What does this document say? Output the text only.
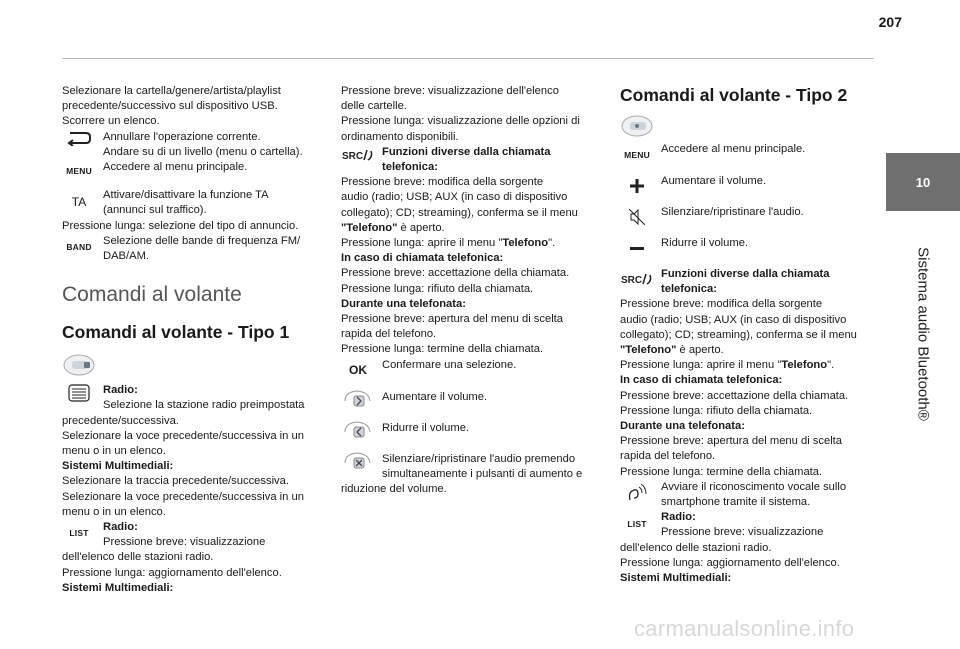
207
10
Sistema audio Bluetooth®

Selezionare la cartella/genere/artista/playlist

precedente/successivo sul dispositivo USB.

Scorrere un elenco.

Annullare l'operazione corrente.

Andare su di un livello (menu o cartella).

MENU Accedere al menu principale.

TA	Attivare/disattivare la funzione TA

(annunci sul traffico).

Pressione lunga: selezione del tipo di annuncio.

BAND

Selezione delle bande di frequenza FM/

DAB/AM.

Comandi al volante
Comandi al volante - Tipo 1

Radio:

Selezione la stazione radio preimpostata

precedente/successiva.

Selezionare la voce precedente/successiva in un

menu o in un elenco.

Sistemi Multimediali:

Selezionare la traccia precedente/successiva.

Selezionare la voce precedente/successiva in un

menu o in un elenco.

LIST

Radio:

Pressione breve: visualizzazione

dell'elenco delle stazioni radio.

Pressione lunga: aggiornamento dell'elenco.

Sistemi Multimediali:

Pressione breve: visualizzazione dell'elenco

delle cartelle.

Pressione lunga: visualizzazione delle opzioni di

ordinamento disponibili.

SRC Funzioni diverse dalla chiamata

telefonica:

Pressione breve: modifica della sorgente

audio (radio; USB; AUX (in caso di dispositivo

collegato); CD; streaming), conferma se il menu

"Telefono" è aperto.

Pressione lunga: aprire il menu "Telefono".

In caso di chiamata telefonica:

Pressione breve: accettazione della chiamata.

Pressione lunga: rifiuto della chiamata.

Durante una telefonata:

Pressione breve: apertura del menu di scelta

rapida del telefono.

Pressione lunga: termine della chiamata.

OK	Confermare una selezione.

Aumentare il volume.

Ridurre il volume.

Silenziare/ripristinare l'audio premendo

simultaneamente i pulsanti di aumento e

riduzione del volume.

Comandi al volante - Tipo 2
MENU

Accedere al menu principale.

Aumentare il volume.

Silenziare/ripristinare l'audio.

Ridurre il volume.

SRC

Funzioni diverse dalla chiamata

telefonica:

Pressione breve: modifica della sorgente

audio (radio; USB; AUX (in caso di dispositivo

collegato); CD; streaming), conferma se il menu

"Telefono" è aperto.

Pressione lunga: aprire il menu "Telefono".

In caso di chiamata telefonica:

Pressione breve: accettazione della chiamata.

Pressione lunga: rifiuto della chiamata.

Durante una telefonata:

Pressione breve: apertura del menu di scelta

rapida del telefono.

Pressione lunga: termine della chiamata.

Avviare il riconoscimento vocale sullo

smartphone tramite il sistema.

LIST

Radio:

Pressione breve: visualizzazione

dell'elenco delle stazioni radio.

Pressione lunga: aggiornamento dell'elenco.

Sistemi Multimediali:

carmanualsonline.info
